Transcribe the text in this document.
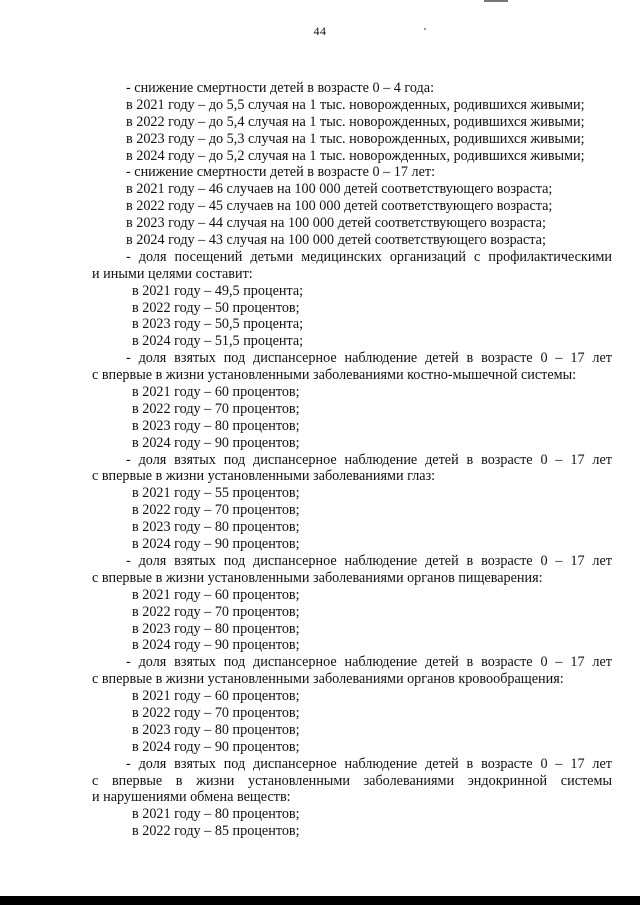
44
- снижение смертности детей в возрасте 0 – 4 года:
в 2021 году – до 5,5 случая на 1 тыс. новорожденных, родившихся живыми;
в 2022 году – до 5,4 случая на 1 тыс. новорожденных, родившихся живыми;
в 2023 году – до 5,3 случая на 1 тыс. новорожденных, родившихся живыми;
в 2024 году – до 5,2 случая на 1 тыс. новорожденных, родившихся живыми;
- снижение смертности детей в возрасте 0 – 17 лет:
в 2021 году – 46 случаев на 100 000 детей соответствующего возраста;
в 2022 году – 45 случаев на 100 000 детей соответствующего возраста;
в 2023 году – 44 случая на 100 000 детей соответствующего возраста;
в 2024 году – 43 случая на 100 000 детей соответствующего возраста;
- доля посещений детьми медицинских организаций с профилактическими
и иными целями составит:
в 2021 году – 49,5 процента;
в 2022 году – 50 процентов;
в 2023 году – 50,5 процента;
в 2024 году – 51,5 процента;
- доля взятых под диспансерное наблюдение детей в возрасте 0 – 17 лет
с впервые в жизни установленными заболеваниями костно-мышечной системы:
в 2021 году – 60 процентов;
в 2022 году – 70 процентов;
в 2023 году – 80 процентов;
в 2024 году – 90 процентов;
- доля взятых под диспансерное наблюдение детей в возрасте 0 – 17 лет
с впервые в жизни установленными заболеваниями глаз:
в 2021 году – 55 процентов;
в 2022 году – 70 процентов;
в 2023 году – 80 процентов;
в 2024 году – 90 процентов;
- доля взятых под диспансерное наблюдение детей в возрасте 0 – 17 лет
с впервые в жизни установленными заболеваниями органов пищеварения:
в 2021 году – 60 процентов;
в 2022 году – 70 процентов;
в 2023 году – 80 процентов;
в 2024 году – 90 процентов;
- доля взятых под диспансерное наблюдение детей в возрасте 0 – 17 лет
с впервые в жизни установленными заболеваниями органов кровообращения:
в 2021 году – 60 процентов;
в 2022 году – 70 процентов;
в 2023 году – 80 процентов;
в 2024 году – 90 процентов;
- доля взятых под диспансерное наблюдение детей в возрасте 0 – 17 лет
с впервые в жизни установленными заболеваниями эндокринной системы
и нарушениями обмена веществ:
в 2021 году – 80 процентов;
в 2022 году – 85 процентов;
